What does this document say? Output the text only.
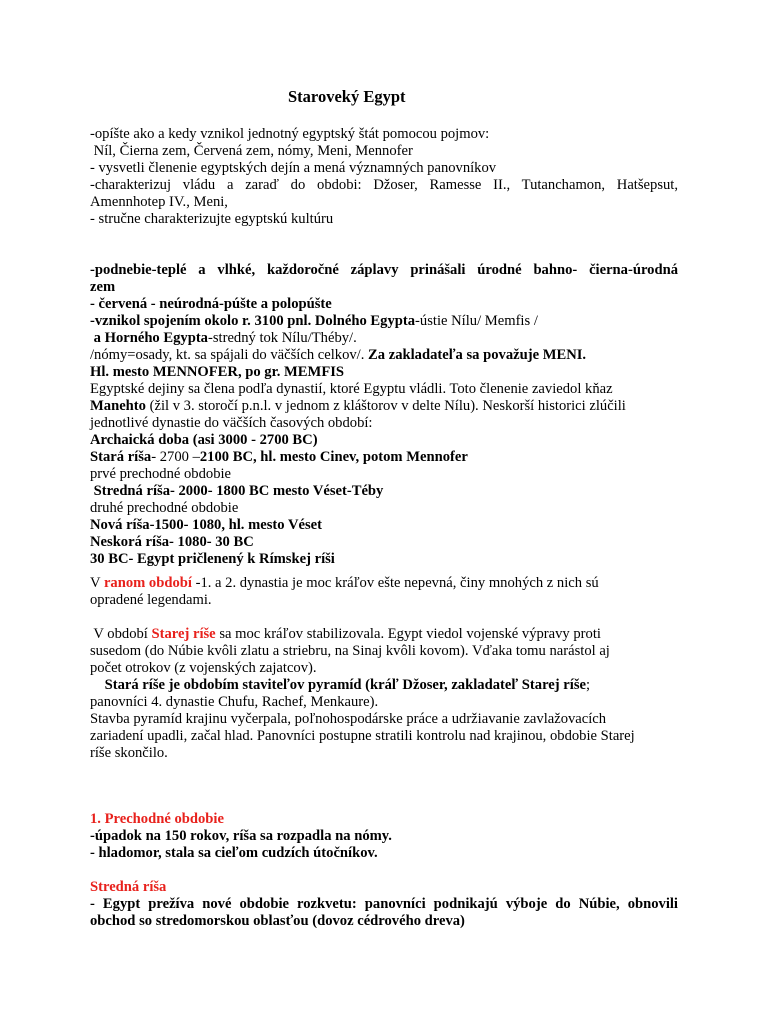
Staroveký Egypt
-opíšte ako a kedy vznikol jednotný egyptský štát pomocou pojmov:
Níl, Čierna zem, Červená zem, nómy, Meni, Mennofer
- vysvetli členenie egyptských dejín a mená významných panovníkov
-charakterizuj vládu a zaraď do obdobi: Džoser, Ramesse II., Tutanchamon, Hatšepsut,
Amennhotep IV., Meni,
- stručne charakterizujte egyptskú kultúru
-podnebie-teplé a vlhké, každoročné záplavy prinášali úrodné bahno- čierna-úrodná
zem
- červená - neúrodná-púšte a polopúšte
-vznikol spojením okolo r. 3100 pnl. Dolného Egypta-ústie Nílu/ Memfis /
a Horného Egypta-stredný tok Nílu/Théby/.
/nómy=osady, kt. sa spájali do väčších celkov/. Za zakladateľa sa považuje MENI.
Hl. mesto MENNOFER, po gr. MEMFIS
Egyptské dejiny sa člena podľa dynastií, ktoré Egyptu vládli. Toto členenie zaviedol kňaz
Manehto (žil v 3. storočí p.n.l. v jednom z kláštorov v delte Nílu). Neskorší historici zlúčili
jednotlivé dynastie do väčších časových období:
Archaická doba (asi 3000 - 2700 BC)
Stará ríša- 2700 –2100 BC, hl. mesto Cinev, potom Mennofer
prvé prechodné obdobie
Stredná ríša- 2000- 1800 BC mesto Véset-Téby
druhé prechodné obdobie
Nová ríša-1500- 1080, hl. mesto Véset
Neskorá ríša- 1080- 30 BC
30 BC- Egypt pričlenený k Rímskej ríši
V ranom období -1. a 2. dynastia je moc kráľov ešte nepevná, činy mnohých z nich sú
opradené legendami.
V období Starej ríše sa moc kráľov stabilizovala. Egypt viedol vojenské výpravy proti
susedom (do Núbie kvôli zlatu a striebru, na Sinaj kvôli kovom). Vďaka tomu narástol aj
počet otrokov (z vojenských zajatcov).
Stará ríše je obdobím staviteľov pyramíd (kráľ Džoser, zakladateľ Starej ríše;
panovníci 4. dynastie Chufu, Rachef, Menkaure).
Stavba pyramíd krajinu vyčerpala, poľnohospodárske práce a udržiavanie zavlažovacích
zariadení upadli, začal hlad. Panovníci postupne stratili kontrolu nad krajinou, obdobie Starej
ríše skončilo.
1. Prechodné obdobie
-úpadok na 150 rokov, ríša sa rozpadla na nómy.
- hladomor, stala sa cieľom cudzích útočníkov.
Stredná ríša
- Egypt prežíva nové obdobie rozkvetu: panovníci podnikajú výboje do Núbie, obnovili
obchod so stredomorskou oblasťou (dovoz cédrového dreva)
